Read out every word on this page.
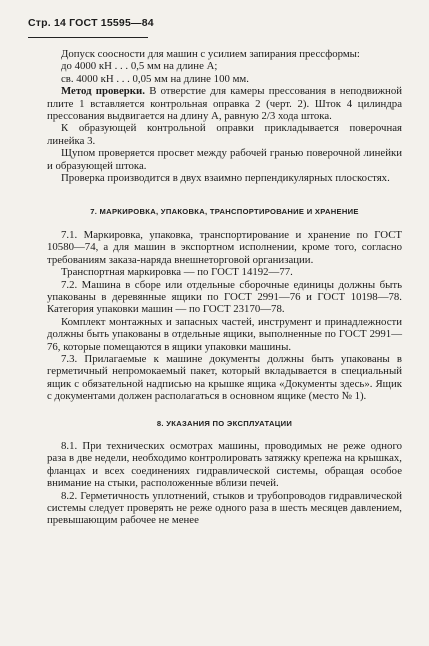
Стр. 14 ГОСТ 15595—84

Допуск соосности для машин с усилием запирания прессформы:

до 4000 кН . . . 0,5 мм на длине А;

св. 4000 кН . . . 0,05 мм на длине 100 мм.

Метод проверки. В отверстие для камеры прессования в неподвижной плите 1 вставляется контрольная оправка 2 (черт. 2). Шток 4 цилиндра прессования выдвигается на длину А, равную 2/3 хода штока.

К образующей контрольной оправки прикладывается поверочная линейка 3.

Щупом проверяется просвет между рабочей гранью поверочной линейки и образующей штока.

Проверка производится в двух взаимно перпендикулярных плоскостях.

7. МАРКИРОВКА, УПАКОВКА, ТРАНСПОРТИРОВАНИЕ И ХРАНЕНИЕ

7.1. Маркировка, упаковка, транспортирование и хранение по ГОСТ 10580—74, а для машин в экспортном исполнении, кроме того, согласно требованиям заказа-наряда внешнеторговой организации.

Транспортная маркировка — по ГОСТ 14192—77.

7.2. Машина в сборе или отдельные сборочные единицы должны быть упакованы в деревянные ящики по ГОСТ 2991—76 и ГОСТ 10198—78. Категория упаковки машин — по ГОСТ 23170—78.

Комплект монтажных и запасных частей, инструмент и принадлежности должны быть упакованы в отдельные ящики, выполненные по ГОСТ 2991—76, которые помещаются в ящики упаковки машины.

7.3. Прилагаемые к машине документы должны быть упакованы в герметичный непромокаемый пакет, который вкладывается в специальный ящик с обязательной надписью на крышке ящика «Документы здесь». Ящик с документами должен располагаться в основном ящике (место № 1).

8. УКАЗАНИЯ ПО ЭКСПЛУАТАЦИИ

8.1. При технических осмотрах машины, проводимых не реже одного раза в две недели, необходимо контролировать затяжку крепежа на крышках, фланцах и всех соединениях гидравлической системы, обращая особое внимание на стыки, расположенные вблизи печей.

8.2. Герметичность уплотнений, стыков и трубопроводов гидравлической системы следует проверять не реже одного раза в шесть месяцев давлением, превышающим рабочее не менее
